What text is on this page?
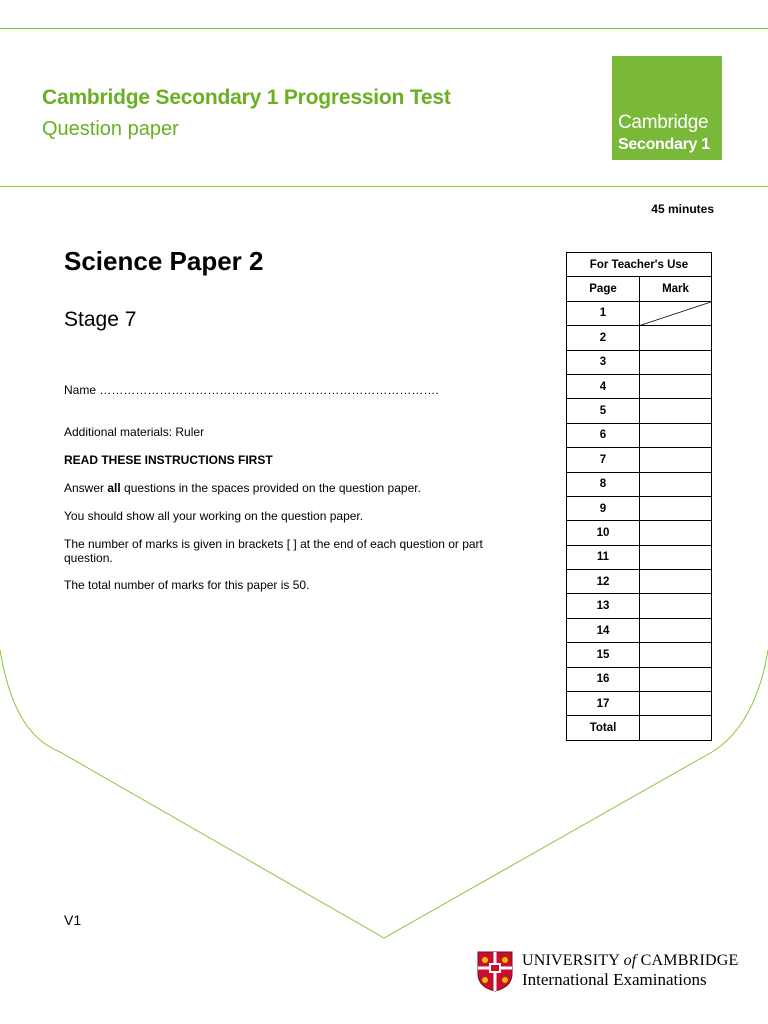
Cambridge Secondary 1 Progression Test
Question paper	Cambridge
Secondary 1
45 minutes
Science Paper 2
Stage 7
Name ………………………………………………………………………….
Additional materials: Ruler
READ THESE INSTRUCTIONS FIRST
Answer all questions in the spaces provided on the question paper.
You should show all your working on the question paper.
The number of marks is given in brackets [ ] at the end of each question or part question.
The total number of marks for this paper is 50.
For Teacher's Use	
Page	Mark
1	

2	
3	
4	
5	
6	
7	
8	
9	
10	
11	
12	
13	
14	
15	
16	
17	
Total	
V1
UNIVERSITY of CAMBRIDGE
International Examinations
